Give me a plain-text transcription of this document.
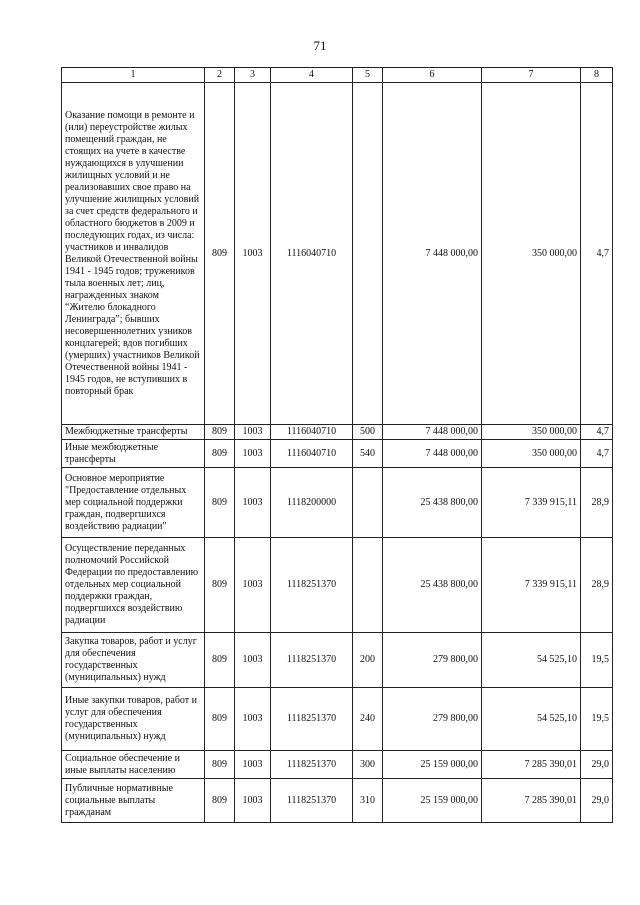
71
1	2	3	4	5	6	7	8
Оказание помощи в ремонте и (или) переустройстве жилых помещений граждан, не стоящих на учете в качестве нуждающихся в улучшении жилищных условий и не реализовавших свое право на улучшение жилищных условий за счет средств федерального и областного бюджетов в 2009 и последующих годах, из числа: участников и инвалидов Великой Отечественной войны 1941 - 1945 годов; тружеников тыла военных лет; лиц, награжденных знаком “Жителю блокадного Ленинграда”; бывших несовершеннолетних узников концлагерей; вдов погибших (умерших) участников Великой Отечественной войны 1941 - 1945 годов, не вступивших в повторный брак	809	1003	1116040710		7 448 000,00	350 000,00	4,7
Межбюджетные трансферты	809	1003	1116040710	500	7 448 000,00	350 000,00	4,7
Иные межбюджетные трансферты	809	1003	1116040710	540	7 448 000,00	350 000,00	4,7
Основное мероприятие "Предоставление отдельных мер социальной поддержки граждан, подвергшихся воздействию радиации"	809	1003	1118200000		25 438 800,00	7 339 915,11	28,9
Осуществление переданных полномочий Российской Федерации по предоставлению отдельных мер социальной поддержки граждан, подвергшихся воздействию радиации	809	1003	1118251370		25 438 800,00	7 339 915,11	28,9
Закупка товаров, работ и услуг для обеспечения государственных (муниципальных) нужд	809	1003	1118251370	200	279 800,00	54 525,10	19,5
Иные закупки товаров, работ и услуг для обеспечения государственных (муниципальных) нужд	809	1003	1118251370	240	279 800,00	54 525,10	19,5
Социальное обеспечение и иные выплаты населению	809	1003	1118251370	300	25 159 000,00	7 285 390,01	29,0
Публичные нормативные социальные выплаты гражданам	809	1003	1118251370	310	25 159 000,00	7 285 390,01	29,0
